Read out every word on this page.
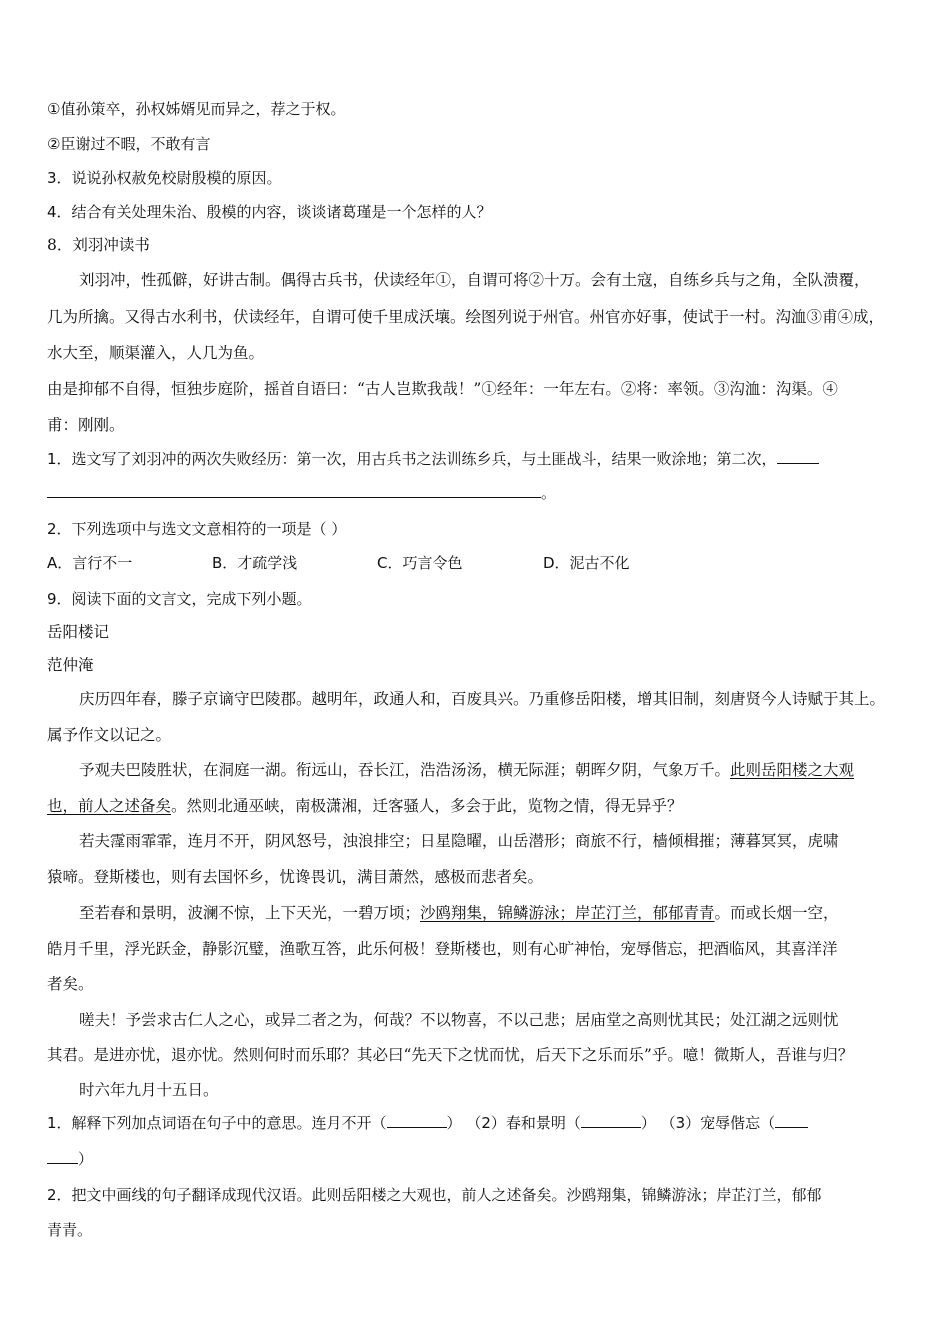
①值孙策卒，孙权姊婿见而异之，荐之于权。
②臣谢过不暇，不敢有言
3．说说孙权赦免校尉殷模的原因。
4．结合有关处理朱治、殷模的内容，谈谈诸葛瑾是一个怎样的人？
8．刘羽冲读书
刘羽冲，性孤僻，好讲古制。偶得古兵书，伏读经年①，自谓可将②十万。会有土寇，自练乡兵与之角，全队溃覆，
几为所擒。又得古水利书，伏读经年，自谓可使千里成沃壤。绘图列说于州官。州官亦好事，使试于一村。沟洫③甫④成，
水大至，顺渠灌入，人几为鱼。
由是抑郁不自得，恒独步庭阶，摇首自语曰：“古人岂欺我哉！”①经年：一年左右。②将：率领。③沟洫：沟渠。④
甫：刚刚。
1．选文写了刘羽冲的两次失败经历：第一次，用古兵书之法训练乡兵，与土匪战斗，结果一败涂地；第二次，
。
2．下列选项中与选文文意相符的一项是（ ）
A．言行不一	B．才疏学浅	C．巧言令色	D．泥古不化
9．阅读下面的文言文，完成下列小题。
岳阳楼记
范仲淹
庆历四年春，滕子京谪守巴陵郡。越明年，政通人和，百废具兴。乃重修岳阳楼，增其旧制，刻唐贤今人诗赋于其上。
属予作文以记之。
予观夫巴陵胜状，在洞庭一湖。衔远山，吞长江，浩浩汤汤，横无际涯；朝晖夕阴，气象万千。此则岳阳楼之大观
也，前人之述备矣。然则北通巫峡，南极潇湘，迁客骚人，多会于此，览物之情，得无异乎？
若夫霪雨霏霏，连月不开，阴风怒号，浊浪排空；日星隐曜，山岳潜形；商旅不行，樯倾楫摧；薄暮冥冥，虎啸
猿啼。登斯楼也，则有去国怀乡，忧谗畏讥，满目萧然，感极而悲者矣。
至若春和景明，波澜不惊，上下天光，一碧万顷；沙鸥翔集，锦鳞游泳；岸芷汀兰，郁郁青青。而或长烟一空，
皓月千里，浮光跃金，静影沉璧，渔歌互答，此乐何极！登斯楼也，则有心旷神怡，宠辱偕忘，把酒临风，其喜洋洋
者矣。
嗟夫！予尝求古仁人之心，或异二者之为，何哉？不以物喜，不以己悲；居庙堂之高则忧其民；处江湖之远则忧
其君。是进亦忧，退亦忧。然则何时而乐耶？其必曰“先天下之忧而忧，后天下之乐而乐”乎。噫！微斯人，吾谁与归？
时六年九月十五日。
1．解释下列加点词语在句子中的意思。连月不开（	） （2）春和景明（	） （3）宠辱偕忘（
）
2．把文中画线的句子翻译成现代汉语。此则岳阳楼之大观也，前人之述备矣。沙鸥翔集，锦鳞游泳；岸芷汀兰，郁郁
青青。
